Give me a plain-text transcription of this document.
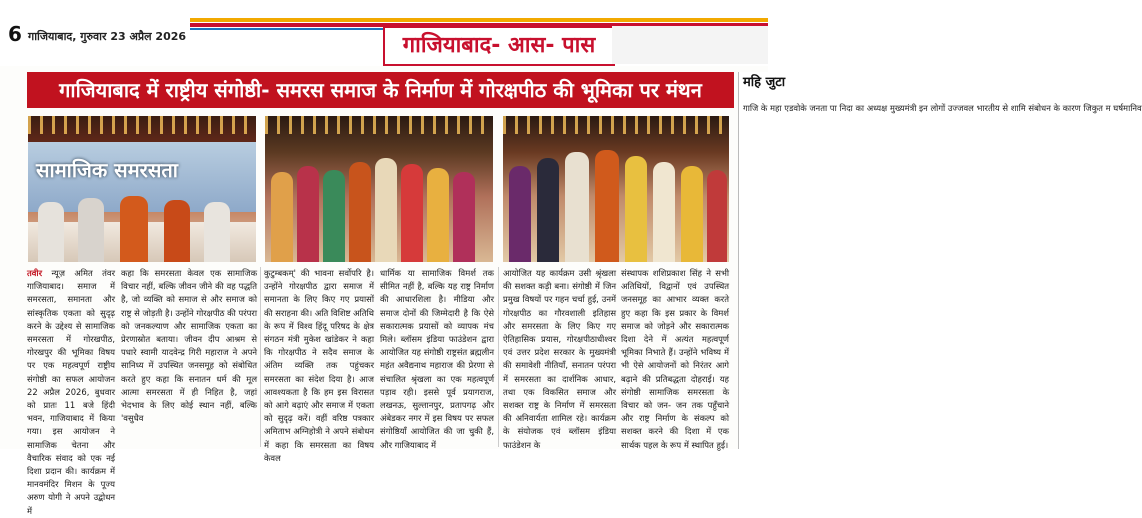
6 गाजियाबाद, गुरुवार 23 अप्रैल 2026	गाजियाबाद- आस- पास
गाजियाबाद में राष्ट्रीय संगोष्ठी- समरस समाज के निर्माण में गोरक्षपीठ की भूमिका पर मंथन
सामाजिक समरसता

तवीर न्यूज़ अमित तंवर गाजियाबाद। समाज में समरसता, समानता और सांस्कृतिक एकता को सुदृढ़ करने के उद्देश्य से सामाजिक समरसता में गोरखपीठ, गोरखपुर की भूमिका विषय पर एक महत्वपूर्ण राष्ट्रीय संगोष्ठी का सफल आयोजन 22 अप्रैल 2026, बुधवार को प्रातः 11 बजे हिंदी भवन, गाजियाबाद में किया गया। इस आयोजन ने सामाजिक चेतना और वैचारिक संवाद को एक नई दिशा प्रदान की। कार्यक्रम में मानवमंदिर मिशन के पूज्य अरुण योगी ने अपने उद्बोधन में

कहा कि समरसता केवल एक सामाजिक विचार नहीं, बल्कि जीवन जीने की वह पद्धति है, जो व्यक्ति को समाज से और समाज को राष्ट्र से जोड़ती है। उन्होंने गोरक्षपीठ की परंपरा को जनकल्याण और सामाजिक एकता का प्रेरणास्रोत बताया। जीवन दीप आश्रम से पधारे स्वामी यादवेन्द्र गिरी महाराज ने अपने सानिध्य में उपस्थित जनसमूह को संबोधित करते हुए कहा कि सनातन धर्म की मूल आत्मा समरसता में ही निहित है, जहां भेदभाव के लिए कोई स्थान नहीं, बल्कि 'वसुधैव

कुटुम्बकम्' की भावना सर्वोपरि है। उन्होंने गोरक्षपीठ द्वारा समाज में समानता के लिए किए गए प्रयासों की सराहना की। अति विशिष्ट अतिथि के रूप में विश्व हिंदू परिषद के क्षेत्र संगठन मंत्री मुकेश खांडेकर ने कहा कि गोरक्षपीठ ने सदैव समाज के अंतिम व्यक्ति तक पहुंचकर समरसता का संदेश दिया है। आज आवश्यकता है कि हम इस विरासत को आगे बढ़ाएं और समाज में एकता को सुदृढ़ करें। वहीं वरिष्ठ पत्रकार अमिताभ अग्निहोत्री ने अपने संबोधन में कहा कि समरसता का विषय केवल

धार्मिक या सामाजिक विमर्श तक सीमित नहीं है, बल्कि यह राष्ट्र निर्माण की आधारशिला है। मीडिया और समाज दोनों की जिम्मेदारी है कि ऐसे सकारात्मक प्रयासों को व्यापक मंच मिले। ब्लॉसम इंडिया फाउंडेशन द्वारा आयोजित यह संगोष्ठी राष्ट्रसंत ब्रह्मलीन महंत अवैद्यनाथ महाराज की प्रेरणा से संचालित श्रृंखला का एक महत्वपूर्ण पड़ाव रही। इससे पूर्व प्रयागराज, लखनऊ, सुल्तानपुर, प्रतापगढ़ और अंबेडकर नगर में इस विषय पर सफल संगोष्ठियाँ आयोजित की जा चुकी हैं, और गाजियाबाद में

आयोजित यह कार्यक्रम उसी श्रृंखला की सशक्त कड़ी बना। संगोष्ठी में जिन प्रमुख विषयों पर गहन चर्चा हुई, उनमें गोरक्षपीठ का गौरवशाली इतिहास और समरसता के लिए किए गए ऐतिहासिक प्रयास, गोरक्षपीठाधीश्वर एवं उत्तर प्रदेश सरकार के मुख्यमंत्री की समावेशी नीतियाँ, सनातन परंपरा में समरसता का दार्शनिक आधार, तथा एक विकसित समाज और सशक्त राष्ट्र के निर्माण में समरसता की अनिवार्यता शामिल रहे। कार्यक्रम के संयोजक एवं ब्लॉसम इंडिया फाउंडेशन के

संस्थापक शशिप्रकाश सिंह ने सभी अतिथियों, विद्वानों एवं उपस्थित जनसमूह का आभार व्यक्त करते हुए कहा कि इस प्रकार के विमर्श समाज को जोड़ने और सकारात्मक दिशा देने में अत्यंत महत्वपूर्ण भूमिका निभाते हैं। उन्होंने भविष्य में भी ऐसे आयोजनों को निरंतर आगे बढ़ाने की प्रतिबद्धता दोहराई। यह संगोष्ठी सामाजिक समरसता के विचार को जन- जन तक पहुँचाने और राष्ट्र निर्माण के संकल्प को सशक्त करने की दिशा में एक सार्थक पहल के रूप में स्थापित हुई।

महि जुटा
गाजि के महा एडवोके जनता पा निदा का अध्यक्ष मुख्यमंत्री इन लोगों उज्जवल भारतीय से शामि संबोधन के कारण जिकुत म घर्षमानिव
